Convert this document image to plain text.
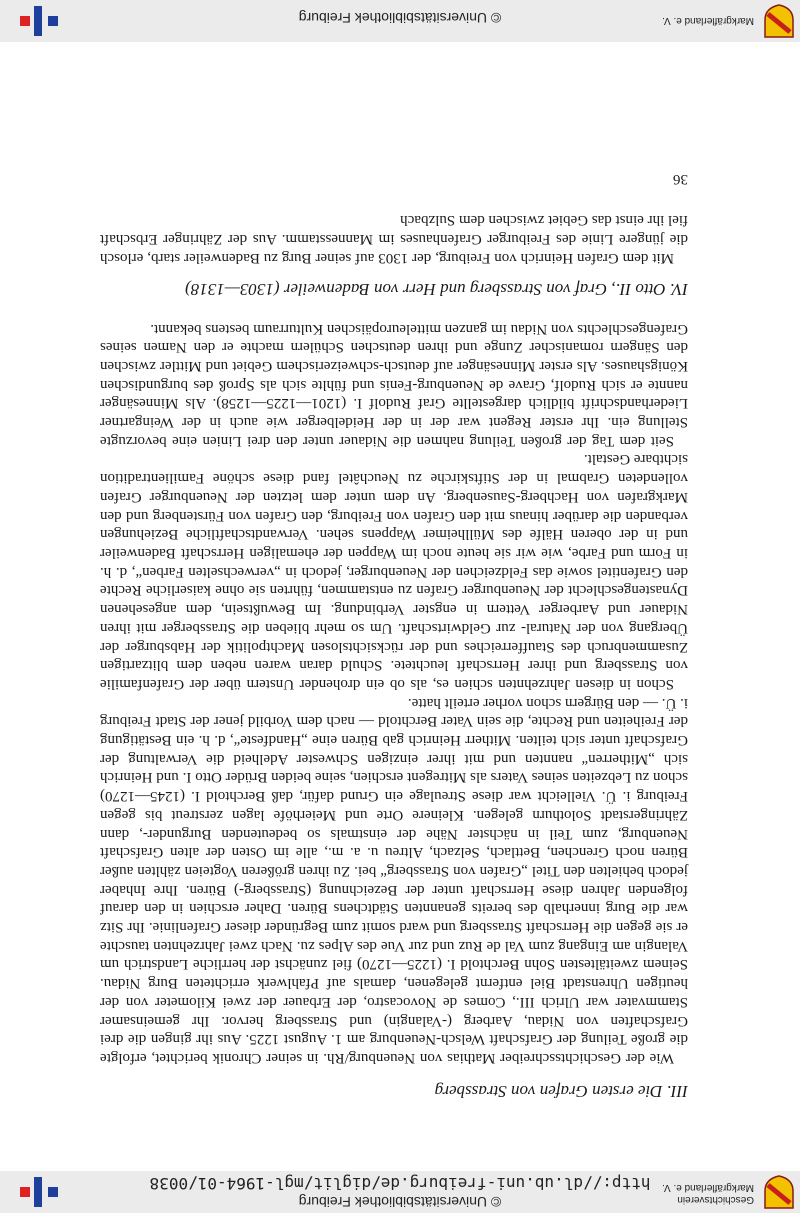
Geschichtsverein
Markgräflerland e. V.
© Universitätsbibliothek Freiburg
http://dl.ub.uni-freiburg.de/diglit/mgl-1964-01/0038
III. Die ersten Grafen von Strassberg

Wie der Geschichtsschreiber Mathias von Neuenburg/Rh. in seiner Chronik berichtet, erfolgte die große Teilung der Grafschaft Welsch-Neuenburg am 1. August 1225. Aus ihr gingen die drei Grafschaften von Nidau, Aarberg (-Valangin) und Strassberg hervor. Ihr gemeinsamer Stammvater war Ulrich III., Comes de Novocastro, der Erbauer der zwei Kilometer von der heutigen Uhrenstadt Biel entfernt gelegenen, damals auf Pfahlwerk errichteten Burg Nidau. Seinem zweitältesten Sohn Berchtold I. (1225—1270) fiel zunächst der herrliche Landstrich um Valangin am Eingang zum Val de Ruz und zur Vue des Alpes zu. Nach zwei Jahrzehnten tauschte er sie gegen die Herrschaft Strassberg und ward somit zum Begründer dieser Grafenlinie. Ihr Sitz war die Burg innerhalb des bereits genannten Städtchens Büren. Daher erschien in den darauf folgenden Jahren diese Herrschaft unter der Bezeichnung (Strassberg-) Büren. Ihre Inhaber jedoch behielten den Titel „Grafen von Strassberg“ bei. Zu ihren größeren Vogteien zählten außer Büren noch Grenchen, Bettlach, Selzach, Altreu u. a. m., alle im Osten der alten Grafschaft Neuenburg, zum Teil in nächster Nähe der einstmals so bedeutenden Burgunder-, dann Zähringerstadt Solothurn gelegen. Kleinere Orte und Meierhöfe lagen zerstreut bis gegen Freiburg i. Ü. Vielleicht war diese Streulage ein Grund dafür, daß Berchtold I. (1245—1270) schon zu Lebzeiten seines Vaters als Mitregent erschien, seine beiden Brüder Otto I. und Heinrich sich „Mitherren“ nannten und mit ihrer einzigen Schwester Adelheid die Verwaltung der Grafschaft unter sich teilten. Mitherr Heinrich gab Büren eine „Handfeste“, d. h. ein Bestätigung der Freiheiten und Rechte, die sein Vater Berchtold — nach dem Vorbild jener der Stadt Freiburg i. Ü. — den Bürgern schon vorher erteilt hatte.

Schon in diesen Jahrzehnten schien es, als ob ein drohender Unstern über der Grafenfamilie von Strassberg und ihrer Herrschaft leuchtete. Schuld daran waren neben dem blitzartigen Zusammenbruch des Staufferreiches und der rücksichtslosen Machtpolitik der Habsburger der Übergang von der Natural- zur Geldwirtschaft. Um so mehr blieben die Strassberger mit ihren Nidauer und Aarberger Vettern in engster Verbindung. Im Bewußtsein, dem angesehenen Dynastengeschlecht der Neuenburger Grafen zu entstammen, führten sie ohne kaiserliche Rechte den Grafentitel sowie das Feldzeichen der Neuenburger, jedoch in „verwechselten Farben“, d. h. in Form und Farbe, wie wir sie heute noch im Wappen der ehemaligen Herrschaft Badenweiler und in der oberen Hälfe des Müllheimer Wappens sehen. Verwandtschaftliche Beziehungen verbanden die darüber hinaus mit den Grafen von Freiburg, den Grafen von Fürstenberg und den Markgrafen von Hachberg-Sausenberg. An dem unter dem letzten der Neuenburger Grafen vollendeten Grabmal in der Stiftskirche zu Neuchâtel fand diese schöne Familientradition sichtbare Gestalt.

Seit dem Tag der großen Teilung nahmen die Nidauer unter den drei Linien eine bevorzugte Stellung ein. Ihr erster Regent war der in der Heidelberger wie auch in der Weingartner Liederhandschrift bildlich dargestellte Graf Rudolf I. (1201—1225—1258). Als Minnesänger nannte er sich Rudolf, Grave de Neuenburg-Fenis und fühlte sich als Sproß des burgundischen Königshauses. Als erster Minnesänger auf deutsch-schweizerischem Gebiet und Mittler zwischen den Sängern romanischer Zunge und ihren deutschen Schülern machte er den Namen seines Grafengeschlechts von Nidau im ganzen mitteleuropäischen Kulturraum bestens bekannt.

IV. Otto II., Graf von Strassberg und Herr von Badenweiler (1303—1318)

Mit dem Grafen Heinrich von Freiburg, der 1303 auf seiner Burg zu Badenweiler starb, erlosch die jüngere Linie des Freiburger Grafenhauses im Mannesstamm. Aus der Zähringer Erbschaft fiel ihr einst das Gebiet zwischen dem Sulzbach

36
Markgräflerland e. V.
© Universitätsbibliothek Freiburg
